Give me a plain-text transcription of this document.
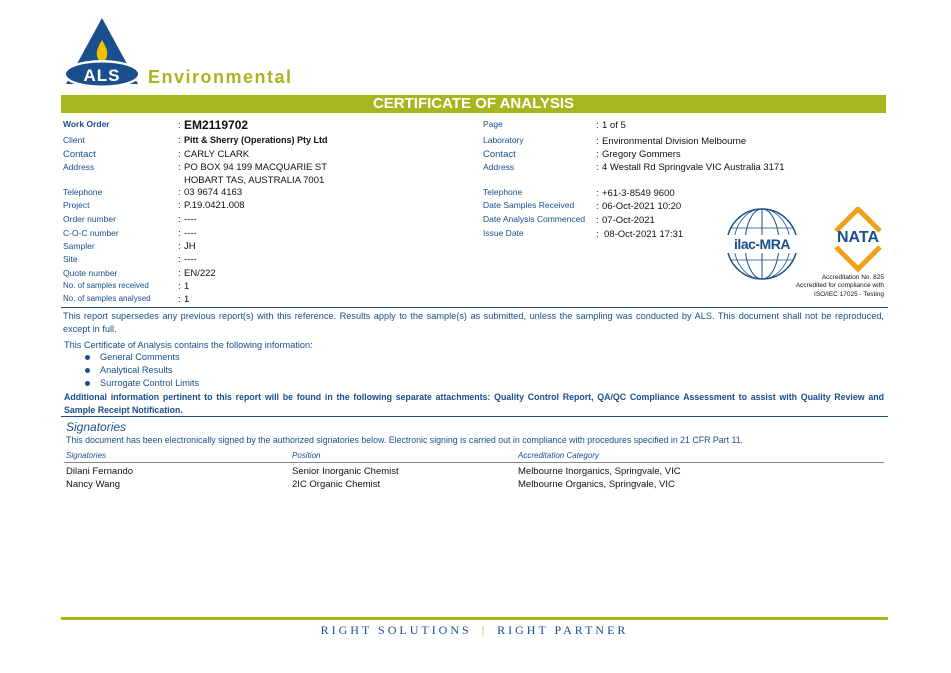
ALS	Environmental
CERTIFICATE OF ANALYSIS
Work Order	: EM2119702
Client	: Pitt & Sherry (Operations) Pty Ltd
Contact	: CARLY CLARK
Address	: PO BOX 94 199 MACQUARIE ST
HOBART TAS, AUSTRALIA 7001
Telephone	: 03 9674 4163
Project	: P.19.0421.008
Order number	: ----
C-O-C number	: ----
Sampler	: JH
Site	: ----
Quote number	: EN/222
No. of samples received	: 1
No. of samples analysed	: 1
Page	: 1 of 5
Laboratory	: Environmental Division Melbourne
Contact	: Gregory Gommers
Address	: 4 Westall Rd Springvale VIC Australia 3171
Telephone	: +61-3-8549 9600
Date Samples Received : 06-Oct-2021 10:20
Date Analysis Commenced : 07-Oct-2021
Issue Date	: 08-Oct-2021 17:31
ilac-MRA	NATA
Accreditation No. 825
Accredited for compliance with
ISO/IEC 17025 - Testing
This report supersedes any previous report(s) with this reference. Results apply to the sample(s) as submitted, unless the sampling was conducted by ALS. This document shall not be reproduced, except in full.
This Certificate of Analysis contains the following information:
General Comments
Analytical Results
Surrogate Control Limits
Additional information pertinent to this report will be found in the following separate attachments: Quality Control Report, QA/QC Compliance Assessment to assist with Quality Review and Sample Receipt Notification.
Signatories
This document has been electronically signed by the authorized signatories below. Electronic signing is carried out in compliance with procedures specified in 21 CFR Part 11.
Signatories	Position	Accreditation Category
Dilani Fernando	Senior Inorganic Chemist	Melbourne Inorganics, Springvale, VIC
Nancy Wang	2IC Organic Chemist	Melbourne Organics, Springvale, VIC
RIGHT SOLUTIONS | RIGHT PARTNER
